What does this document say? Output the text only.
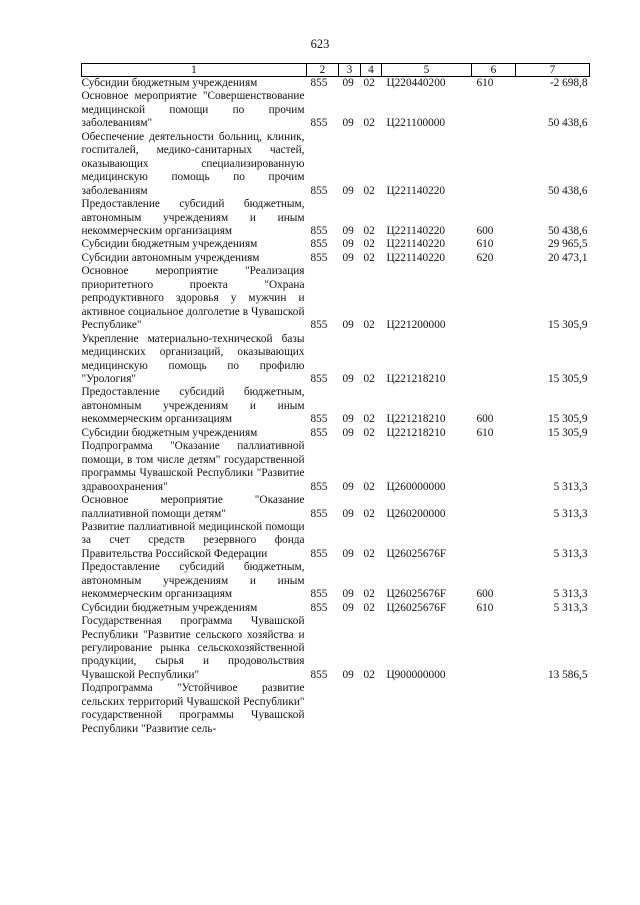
623
1	2	3	4	5	6	7
Субсидии бюджетным учреждениям	855	09	02	Ц220440200	610	-2 698,8
Основное мероприятие "Совершенствование медицинской помощи по прочим заболеваниям"	855	09	02	Ц221100000		50 438,6
Обеспечение деятельности больниц, клиник, госпиталей, медико-санитарных частей, оказывающих специализированную медицинскую помощь по прочим заболеваниям	855	09	02	Ц221140220		50 438,6
Предоставление субсидий бюджетным, автономным учреждениям и иным некоммерческим организациям	855	09	02	Ц221140220	600	50 438,6
Субсидии бюджетным учреждениям	855	09	02	Ц221140220	610	29 965,5
Субсидии автономным учреждениям	855	09	02	Ц221140220	620	20 473,1
Основное мероприятие "Реализация приоритетного проекта "Охрана репродуктивного здоровья у мужчин и активное социальное долголетие в Чувашской Республике"	855	09	02	Ц221200000		15 305,9
Укрепление материально-технической базы медицинских организаций, оказывающих медицинскую помощь по профилю "Урология"	855	09	02	Ц221218210		15 305,9
Предоставление субсидий бюджетным, автономным учреждениям и иным некоммерческим организациям	855	09	02	Ц221218210	600	15 305,9
Субсидии бюджетным учреждениям	855	09	02	Ц221218210	610	15 305,9
Подпрограмма "Оказание паллиативной помощи, в том числе детям" государственной программы Чувашской Республики "Развитие здравоохранения"	855	09	02	Ц260000000		5 313,3
Основное мероприятие "Оказание паллиативной помощи детям"	855	09	02	Ц260200000		5 313,3
Развитие паллиативной медицинской помощи за счет средств резервного фонда Правительства Российской Федерации	855	09	02	Ц26025676F		5 313,3
Предоставление субсидий бюджетным, автономным учреждениям и иным некоммерческим организациям	855	09	02	Ц26025676F	600	5 313,3
Субсидии бюджетным учреждениям	855	09	02	Ц26025676F	610	5 313,3
Государственная программа Чувашской Республики "Развитие сельского хозяйства и регулирование рынка сельскохозяйственной продукции, сырья и продовольствия Чувашской Республики"	855	09	02	Ц900000000		13 586,5
Подпрограмма "Устойчивое развитие сельских территорий Чувашской Республики" государственной программы Чувашской Республики "Развитие сель-						
